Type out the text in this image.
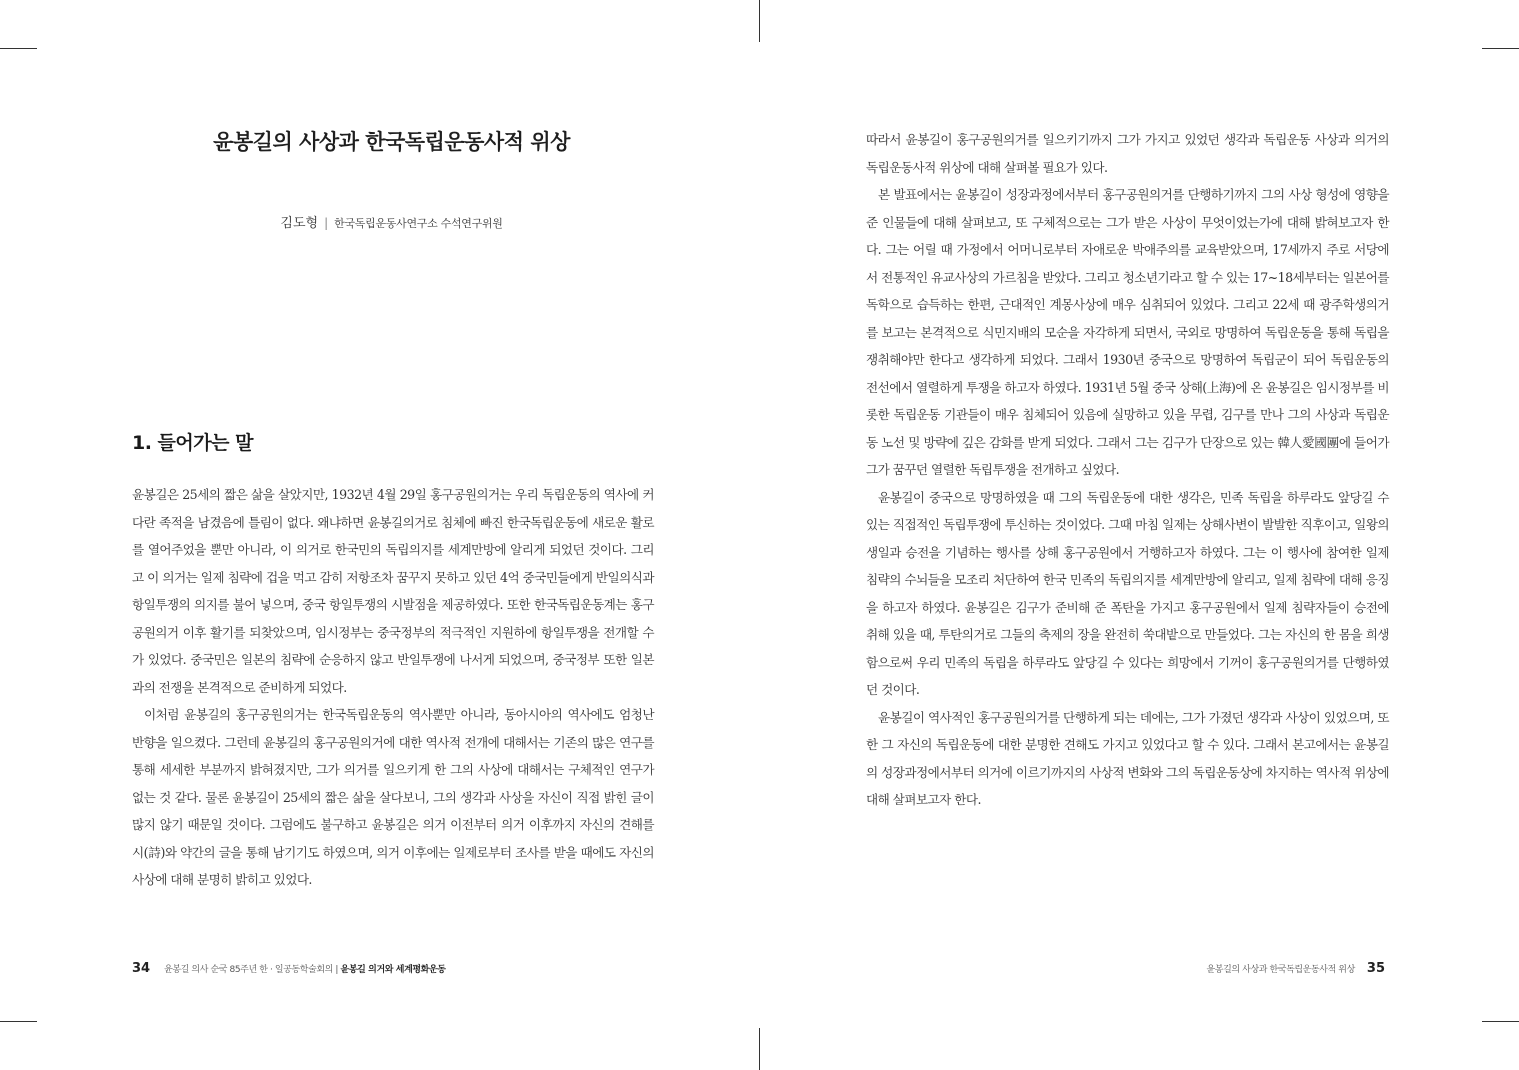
윤봉길의 사상과 한국독립운동사적 위상
김도형 | 한국독립운동사연구소 수석연구위원
1. 들어가는 말

윤봉길은 25세의 짧은 삶을 살았지만, 1932년 4월 29일 홍구공원의거는 우리 독립운동의 역사에 커다란 족적을 남겼음에 틀림이 없다. 왜냐하면 윤봉길의거로 침체에 빠진 한국독립운동에 새로운 활로를 열어주었을 뿐만 아니라, 이 의거로 한국민의 독립의지를 세계만방에 알리게 되었던 것이다. 그리고 이 의거는 일제 침략에 겁을 먹고 감히 저항조차 꿈꾸지 못하고 있던 4억 중국민들에게 반일의식과 항일투쟁의 의지를 불어 넣으며, 중국 항일투쟁의 시발점을 제공하였다. 또한 한국독립운동계는 홍구공원의거 이후 활기를 되찾았으며, 임시정부는 중국정부의 적극적인 지원하에 항일투쟁을 전개할 수가 있었다. 중국민은 일본의 침략에 순응하지 않고 반일투쟁에 나서게 되었으며, 중국정부 또한 일본과의 전쟁을 본격적으로 준비하게 되었다.

이처럼 윤봉길의 홍구공원의거는 한국독립운동의 역사뿐만 아니라, 동아시아의 역사에도 엄청난 반향을 일으켰다. 그런데 윤봉길의 홍구공원의거에 대한 역사적 전개에 대해서는 기존의 많은 연구를 통해 세세한 부분까지 밝혀졌지만, 그가 의거를 일으키게 한 그의 사상에 대해서는 구체적인 연구가 없는 것 같다. 물론 윤봉길이 25세의 짧은 삶을 살다보니, 그의 생각과 사상을 자신이 직접 밝힌 글이 많지 않기 때문일 것이다. 그럼에도 불구하고 윤봉길은 의거 이전부터 의거 이후까지 자신의 견해를 시(詩)와 약간의 글을 통해 남기기도 하였으며, 의거 이후에는 일제로부터 조사를 받을 때에도 자신의 사상에 대해 분명히 밝히고 있었다.

34 윤봉길 의사 순국 85주년 한 · 일공동학술회의 | 윤봉길 의거와 세계평화운동

따라서 윤봉길이 홍구공원의거를 일으키기까지 그가 가지고 있었던 생각과 독립운동 사상과 의거의 독립운동사적 위상에 대해 살펴볼 필요가 있다.

본 발표에서는 윤봉길이 성장과정에서부터 홍구공원의거를 단행하기까지 그의 사상 형성에 영향을 준 인물들에 대해 살펴보고, 또 구체적으로는 그가 받은 사상이 무엇이었는가에 대해 밝혀보고자 한다. 그는 어릴 때 가정에서 어머니로부터 자애로운 박애주의를 교육받았으며, 17세까지 주로 서당에서 전통적인 유교사상의 가르침을 받았다. 그리고 청소년기라고 할 수 있는 17~18세부터는 일본어를 독학으로 습득하는 한편, 근대적인 계몽사상에 매우 심취되어 있었다. 그리고 22세 때 광주학생의거를 보고는 본격적으로 식민지배의 모순을 자각하게 되면서, 국외로 망명하여 독립운동을 통해 독립을 쟁취해야만 한다고 생각하게 되었다. 그래서 1930년 중국으로 망명하여 독립군이 되어 독립운동의 전선에서 열렬하게 투쟁을 하고자 하였다. 1931년 5월 중국 상해(上海)에 온 윤봉길은 임시정부를 비롯한 독립운동 기관들이 매우 침체되어 있음에 실망하고 있을 무렵, 김구를 만나 그의 사상과 독립운동 노선 및 방략에 깊은 감화를 받게 되었다. 그래서 그는 김구가 단장으로 있는 韓人愛國團에 들어가 그가 꿈꾸던 열렬한 독립투쟁을 전개하고 싶었다.

윤봉길이 중국으로 망명하였을 때 그의 독립운동에 대한 생각은, 민족 독립을 하루라도 앞당길 수 있는 직접적인 독립투쟁에 투신하는 것이었다. 그때 마침 일제는 상해사변이 발발한 직후이고, 일왕의 생일과 승전을 기념하는 행사를 상해 홍구공원에서 거행하고자 하였다. 그는 이 행사에 참여한 일제 침략의 수뇌들을 모조리 처단하여 한국 민족의 독립의지를 세계만방에 알리고, 일제 침략에 대해 응징을 하고자 하였다. 윤봉길은 김구가 준비해 준 폭탄을 가지고 홍구공원에서 일제 침략자들이 승전에 취해 있을 때, 투탄의거로 그들의 축제의 장을 완전히 쑥대밭으로 만들었다. 그는 자신의 한 몸을 희생함으로써 우리 민족의 독립을 하루라도 앞당길 수 있다는 희망에서 기꺼이 홍구공원의거를 단행하였던 것이다.

윤봉길이 역사적인 홍구공원의거를 단행하게 되는 데에는, 그가 가졌던 생각과 사상이 있었으며, 또한 그 자신의 독립운동에 대한 분명한 견해도 가지고 있었다고 할 수 있다. 그래서 본고에서는 윤봉길의 성장과정에서부터 의거에 이르기까지의 사상적 변화와 그의 독립운동상에 차지하는 역사적 위상에 대해 살펴보고자 한다.

윤봉길의 사상과 한국독립운동사적 위상 35
